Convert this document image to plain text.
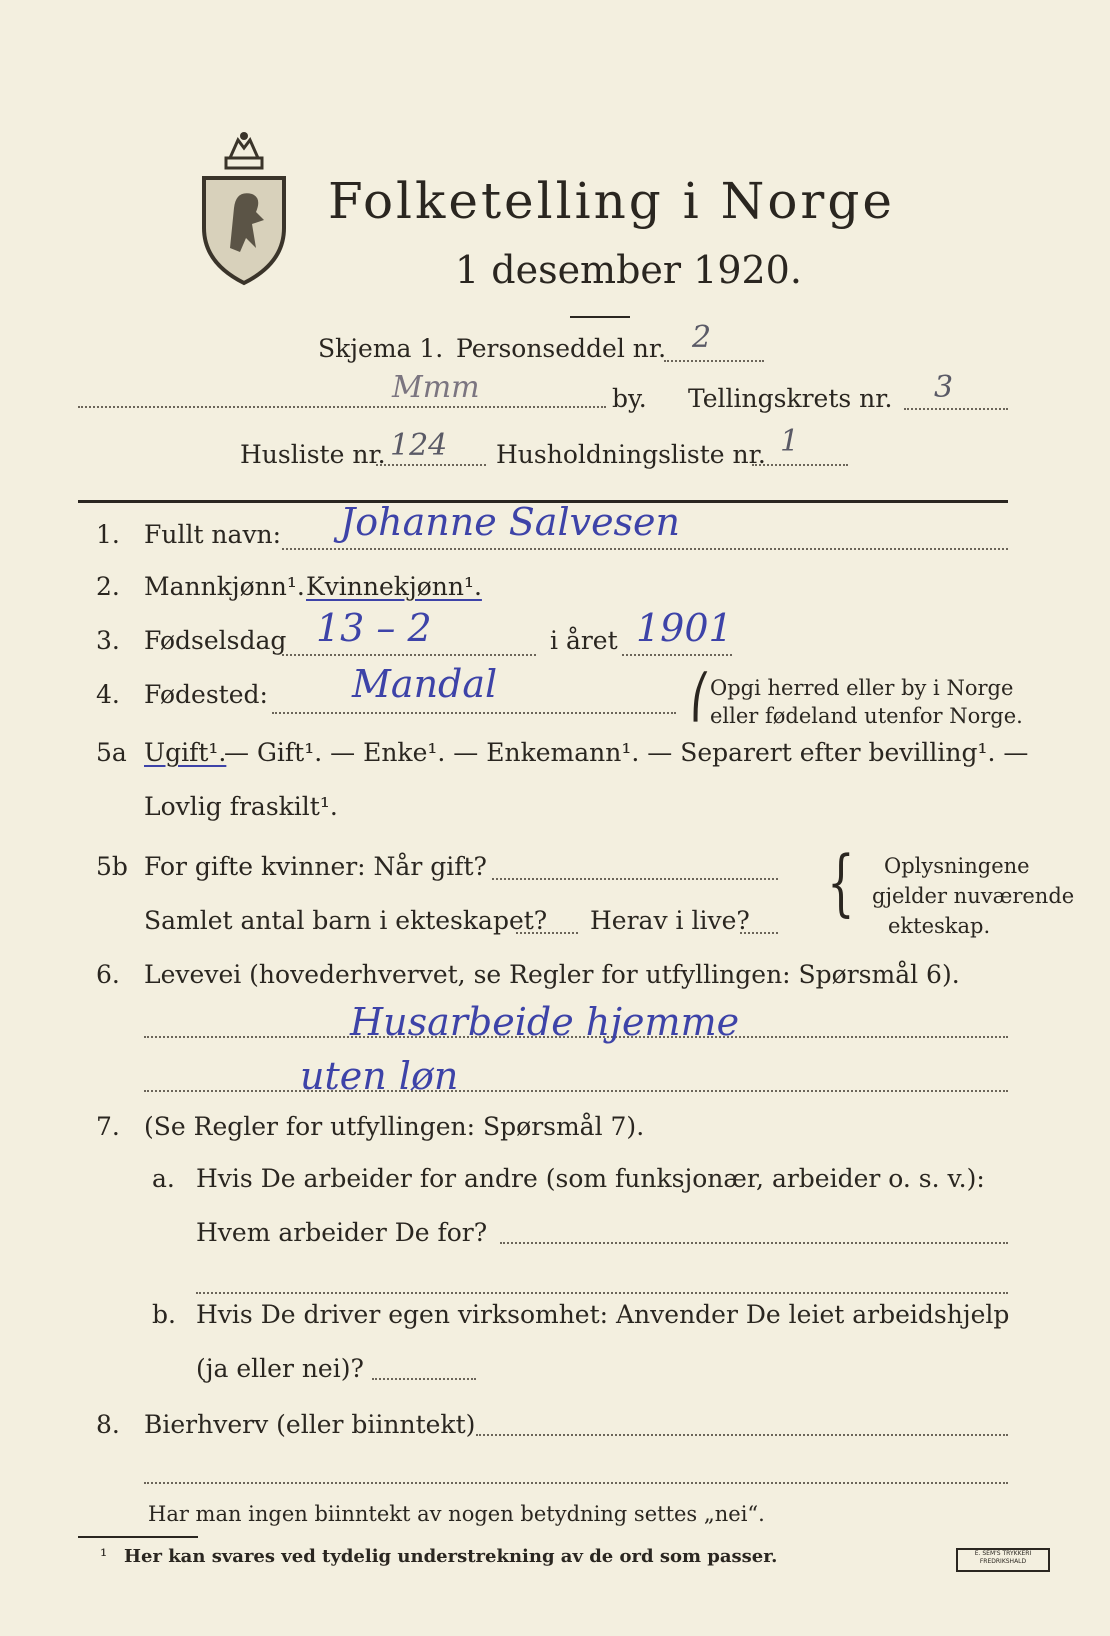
Folketelling i Norge
1 desember 1920.
Skjema 1. Personseddel nr. 2
Mmm	by. Tellingskrets nr. 3
Husliste nr. 124 Husholdningsliste nr. 1
1. Fullt navn: Johanne Salvesen
2. Mannkjønn¹. Kvinnekjønn¹.
3. Fødselsdag 13 – 2	i året 1901
4. Fødested: Mandal	⎛ Opgi herred eller by i Norge
eller fødeland utenfor Norge.
5a Ugift¹.
— Gift¹. — Enke¹. — Enkemann¹. — Separert efter bevilling¹. —
Lovlig fraskilt¹.
5b For gifte kvinner: Når gift?
Samlet antal barn i ekteskapet? Herav i live? { Oplysningene
gjelder nuværende
ekteskap.
6. Levevei (hovederhvervet, se Regler for utfyllingen: Spørsmål 6).
Husarbeide hjemme
uten løn
7. (Se Regler for utfyllingen: Spørsmål 7).
a. Hvis De arbeider for andre (som funksjonær, arbeider o. s. v.):
Hvem arbeider De for?
b. Hvis De driver egen virksomhet: Anvender De leiet arbeidshjelp
(ja eller nei)?
8. Bierhverv (eller biinntekt)
Har man ingen biinntekt av nogen betydning settes „nei“.
¹ Her kan svares ved tydelig understrekning av de ord som passer.	E. SEM'S TRYKKERI FREDRIKSHALD
